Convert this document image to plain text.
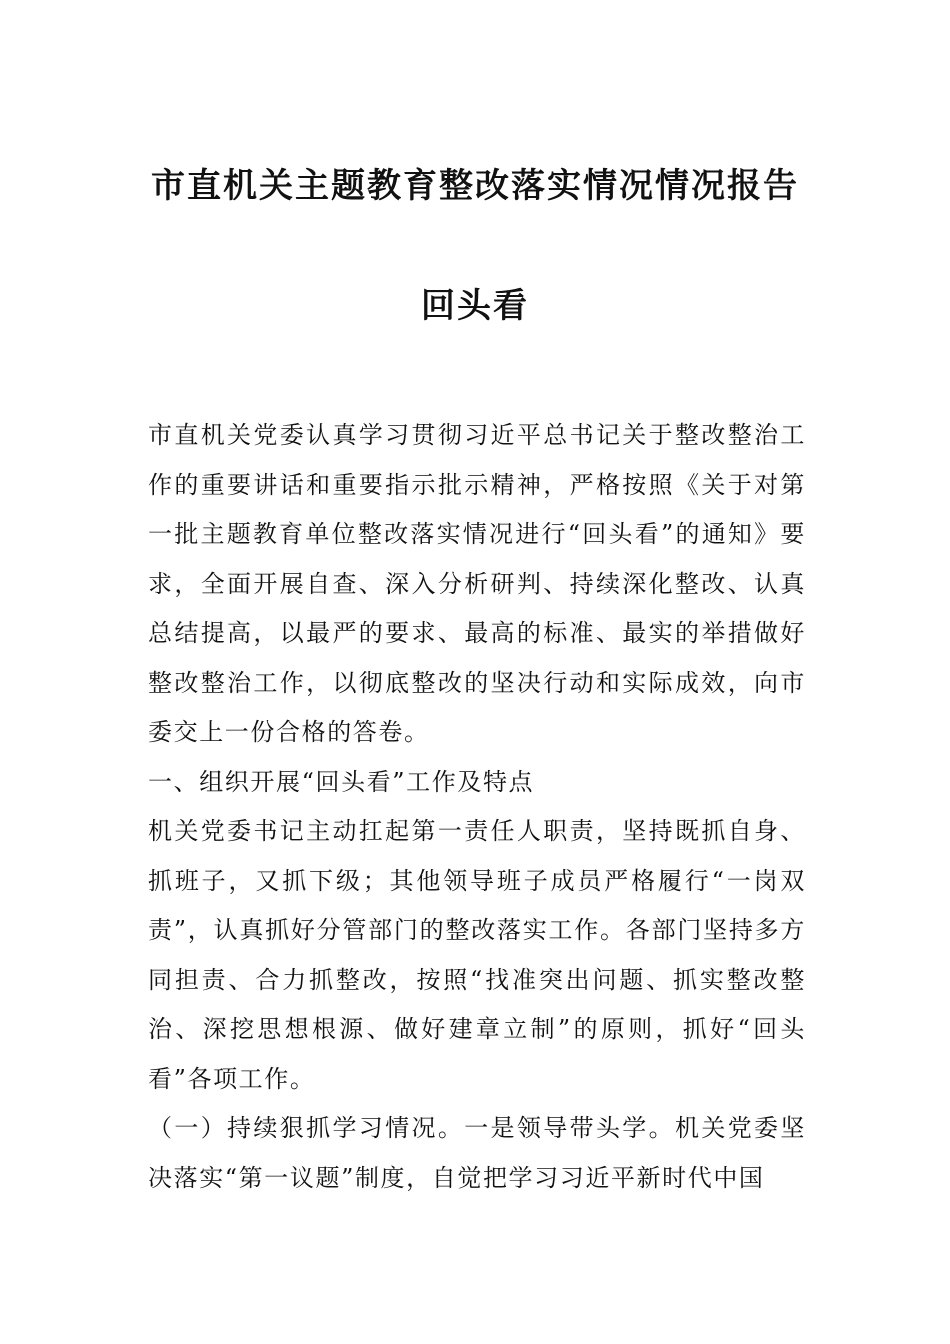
市直机关主题教育整改落实情况情况报告
回头看

市直机关党委认真学习贯彻习近平总书记关于整改整治工作的重要讲话和重要指示批示精神，严格按照《关于对第一批主题教育单位整改落实情况进行“回头看”的通知》要求，全面开展自查、深入分析研判、持续深化整改、认真总结提高，以最严的要求、最高的标准、最实的举措做好整改整治工作，以彻底整改的坚决行动和实际成效，向市委交上一份合格的答卷。

一、组织开展“回头看”工作及特点

机关党委书记主动扛起第一责任人职责，坚持既抓自身、抓班子，又抓下级；其他领导班子成员严格履行“一岗双责”，认真抓好分管部门的整改落实工作。各部门坚持多方同担责、合力抓整改，按照“找准突出问题、抓实整改整治、深挖思想根源、做好建章立制”的原则，抓好“回头看”各项工作。

（一）持续狠抓学习情况。一是领导带头学。机关党委坚决落实“第一议题”制度，自觉把学习习近平新时代中国
